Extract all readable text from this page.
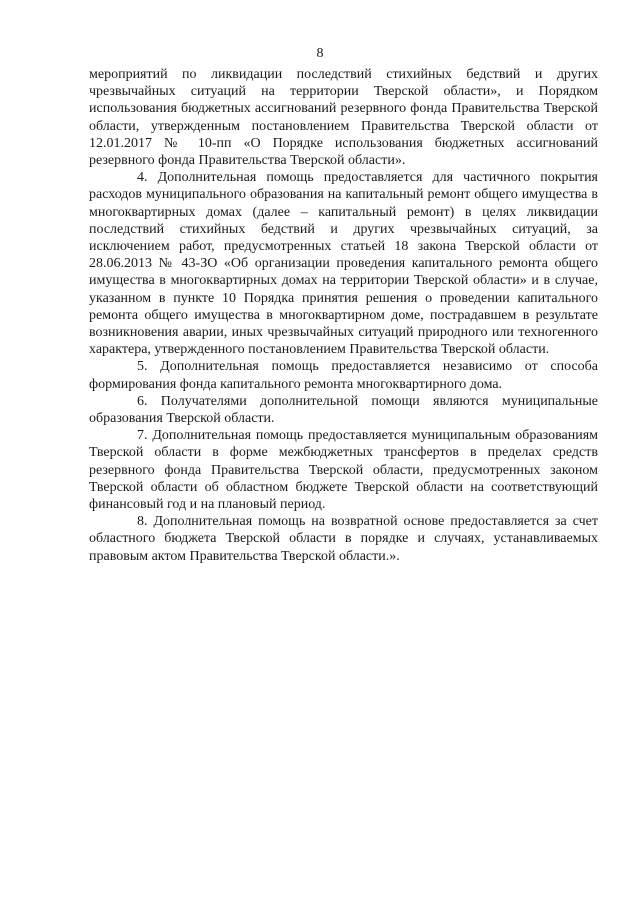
8

мероприятий по ликвидации последствий стихийных бедствий и других чрезвычайных ситуаций на территории Тверской области», и Порядком использования бюджетных ассигнований резервного фонда Правительства Тверской области, утвержденным постановлением Правительства Тверской области от 12.01.2017 № 10-пп «О Порядке использования бюджетных ассигнований резервного фонда Правительства Тверской области».

4. Дополнительная помощь предоставляется для частичного покрытия расходов муниципального образования на капитальный ремонт общего имущества в многоквартирных домах (далее – капитальный ремонт) в целях ликвидации последствий стихийных бедствий и других чрезвычайных ситуаций, за исключением работ, предусмотренных статьей 18 закона Тверской области от 28.06.2013 № 43-ЗО «Об организации проведения капитального ремонта общего имущества в многоквартирных домах на территории Тверской области» и в случае, указанном в пункте 10 Порядка принятия решения о проведении капитального ремонта общего имущества в многоквартирном доме, пострадавшем в результате возникновения аварии, иных чрезвычайных ситуаций природного или техногенного характера, утвержденного постановлением Правительства Тверской области.

5. Дополнительная помощь предоставляется независимо от способа формирования фонда капитального ремонта многоквартирного дома.

6. Получателями дополнительной помощи являются муниципальные образования Тверской области.

7. Дополнительная помощь предоставляется муниципальным образованиям Тверской области в форме межбюджетных трансфертов в пределах средств резервного фонда Правительства Тверской области, предусмотренных законом Тверской области об областном бюджете Тверской области на соответствующий финансовый год и на плановый период.

8. Дополнительная помощь на возвратной основе предоставляется за счет областного бюджета Тверской области в порядке и случаях, устанавливаемых правовым актом Правительства Тверской области.».
